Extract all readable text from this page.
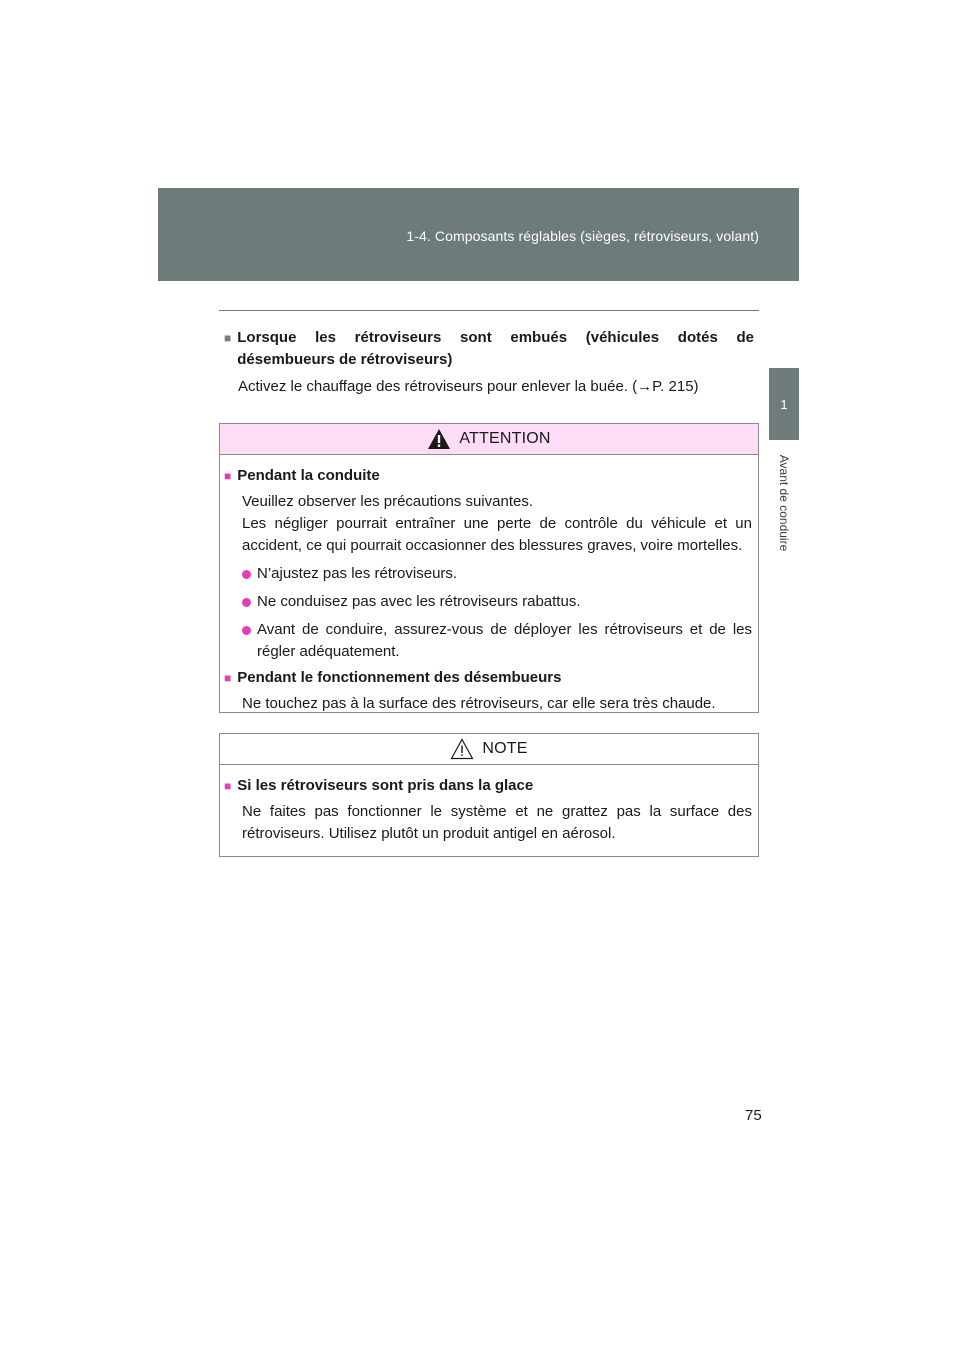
1-4. Composants réglables (sièges, rétroviseurs, volant)
1
Avant de conduire
■ Lorsque les rétroviseurs sont embués (véhicules dotés de désembueurs de rétroviseurs)
Activez le chauffage des rétroviseurs pour enlever la buée. (→P. 215)
ATTENTION
■ Pendant la conduite
Veuillez observer les précautions suivantes.
Les négliger pourrait entraîner une perte de contrôle du véhicule et un accident, ce qui pourrait occasionner des blessures graves, voire mortelles.
N’ajustez pas les rétroviseurs.
Ne conduisez pas avec les rétroviseurs rabattus.
Avant de conduire, assurez-vous de déployer les rétroviseurs et de les régler adéquatement.
■ Pendant le fonctionnement des désembueurs
Ne touchez pas à la surface des rétroviseurs, car elle sera très chaude.
NOTE
■ Si les rétroviseurs sont pris dans la glace
Ne faites pas fonctionner le système et ne grattez pas la surface des rétroviseurs. Utilisez plutôt un produit antigel en aérosol.
75
